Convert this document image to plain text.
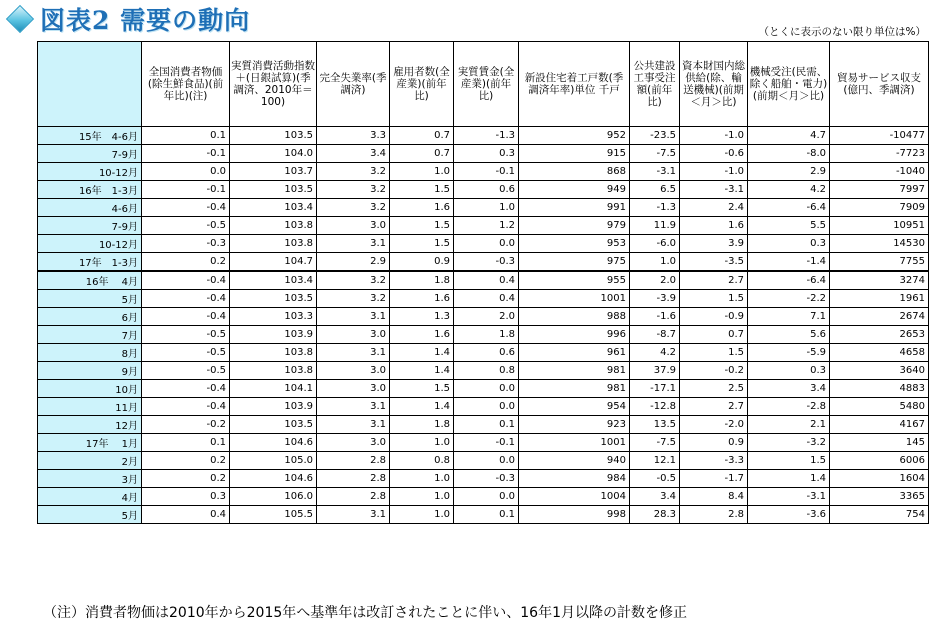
図表2 需要の動向	（とくに表示のない限り単位は%）
	全国消費者物価(除生鮮食品)(前年比)(注)	実質消費活動指数＋(日銀試算)(季調済、2010年＝100)	完全失業率(季調済)	雇用者数(全産業)(前年比)	実質賃金(全産業)(前年比)	新設住宅着工戸数(季調済年率)単位 千戸	公共建設工事受注額(前年比)	資本財国内総供給(除、輸送機械)(前期＜月＞比)	機械受注(民需、除く船舶・電力)(前期＜月＞比)	貿易サービス収支(億円、季調済)
15年　4-6月	0.1	103.5	3.3	0.7	-1.3	952	-23.5	-1.0	4.7	-10477
7-9月	-0.1	104.0	3.4	0.7	0.3	915	-7.5	-0.6	-8.0	-7723
10-12月	0.0	103.7	3.2	1.0	-0.1	868	-3.1	-1.0	2.9	-1040
16年　1-3月	-0.1	103.5	3.2	1.5	0.6	949	6.5	-3.1	4.2	7997
4-6月	-0.4	103.4	3.2	1.6	1.0	991	-1.3	2.4	-6.4	7909
7-9月	-0.5	103.8	3.0	1.5	1.2	979	11.9	1.6	5.5	10951
10-12月	-0.3	103.8	3.1	1.5	0.0	953	-6.0	3.9	0.3	14530
17年　1-3月	0.2	104.7	2.9	0.9	-0.3	975	1.0	-3.5	-1.4	7755
16年　 4月	-0.4	103.4	3.2	1.8	0.4	955	2.0	2.7	-6.4	3274
5月	-0.4	103.5	3.2	1.6	0.4	1001	-3.9	1.5	-2.2	1961
6月	-0.4	103.3	3.1	1.3	2.0	988	-1.6	-0.9	7.1	2674
7月	-0.5	103.9	3.0	1.6	1.8	996	-8.7	0.7	5.6	2653
8月	-0.5	103.8	3.1	1.4	0.6	961	4.2	1.5	-5.9	4658
9月	-0.5	103.8	3.0	1.4	0.8	981	37.9	-0.2	0.3	3640
10月	-0.4	104.1	3.0	1.5	0.0	981	-17.1	2.5	3.4	4883
11月	-0.4	103.9	3.1	1.4	0.0	954	-12.8	2.7	-2.8	5480
12月	-0.2	103.5	3.1	1.8	0.1	923	13.5	-2.0	2.1	4167
17年　 1月	0.1	104.6	3.0	1.0	-0.1	1001	-7.5	0.9	-3.2	145
2月	0.2	105.0	2.8	0.8	0.0	940	12.1	-3.3	1.5	6006
3月	0.2	104.6	2.8	1.0	-0.3	984	-0.5	-1.7	1.4	1604
4月	0.3	106.0	2.8	1.0	0.0	1004	3.4	8.4	-3.1	3365
5月	0.4	105.5	3.1	1.0	0.1	998	28.3	2.8	-3.6	754
（注）消費者物価は2010年から2015年へ基準年は改訂されたことに伴い、16年1月以降の計数を修正
